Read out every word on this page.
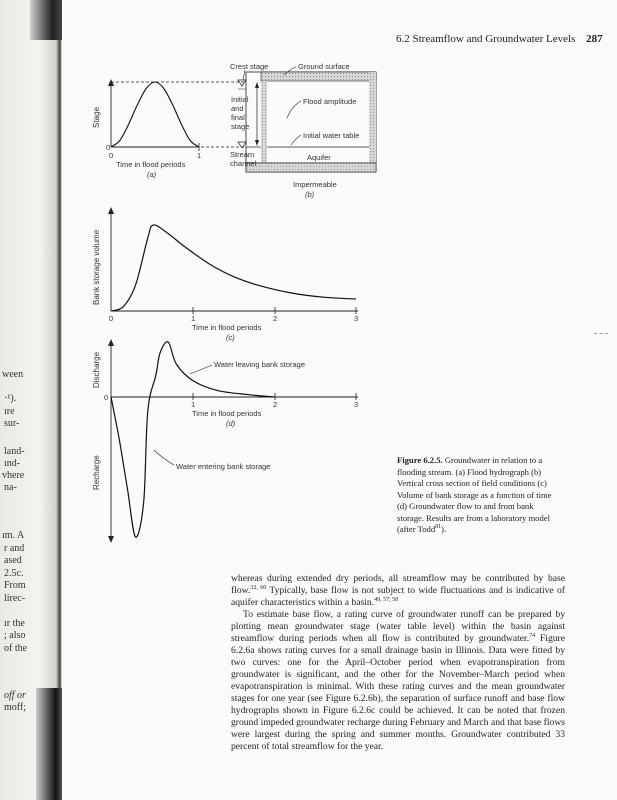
6.2 Streamflow and Groundwater Levels 287
ween
·¹).
ıre
sur-
land-
ınd-
vhere
na-
ım. A
r and
ased
2.5c.
From
lirec-
ır the
; also
of the
off or
moff;
Stage
Bank storage volume
Discharge
Recharge
0
0	1
Time in flood periods
(a)
Crest stage	Ground surface
Initial
and
final
stage
Flood amplitude
Initial water table
Stream
channel
Aquifer
Impermeable
(b)
0	1	2	3
Time in flood periods
(c)
0
1	2	3
Time in flood periods
(d)
Water leaving bank storage
Water entering bank storage
Figure 6.2.5. Groundwater in relation to a flooding stream. (a) Flood hydrograph (b) Vertical cross section of field conditions (c) Volume of bank storage as a function of time (d) Groundwater flow to and from bank storage. Results are from a laboratory model (after Todd$^{81}$).

whereas during extended dry periods, all streamflow may be contributed by base flow.$^{32, 60}$ Typically, base flow is not subject to wide fluctuations and is indicative of aquifer characteristics within a basin.$^{49, 57, 58}$

To estimate base flow, a rating curve of groundwater runoff can be prepared by plotting mean groundwater stage (water table level) within the basin against streamflow during periods when all flow is contributed by groundwater.$^{74}$ Figure 6.2.6a shows rating curves for a small drainage basin in Illinois. Data were fitted by two curves: one for the April–October period when evapotranspiration from groundwater is significant, and the other for the November–March period when evapotranspiration is minimal. With these rating curves and the mean groundwater stages for one year (see Figure 6.2.6b), the separation of surface runoff and base flow hydrographs shown in Figure 6.2.6c could be achieved. It can be noted that frozen ground impeded groundwater recharge during February and March and that base flows were largest during the spring and summer months. Groundwater contributed 33 percent of total streamflow for the year.
